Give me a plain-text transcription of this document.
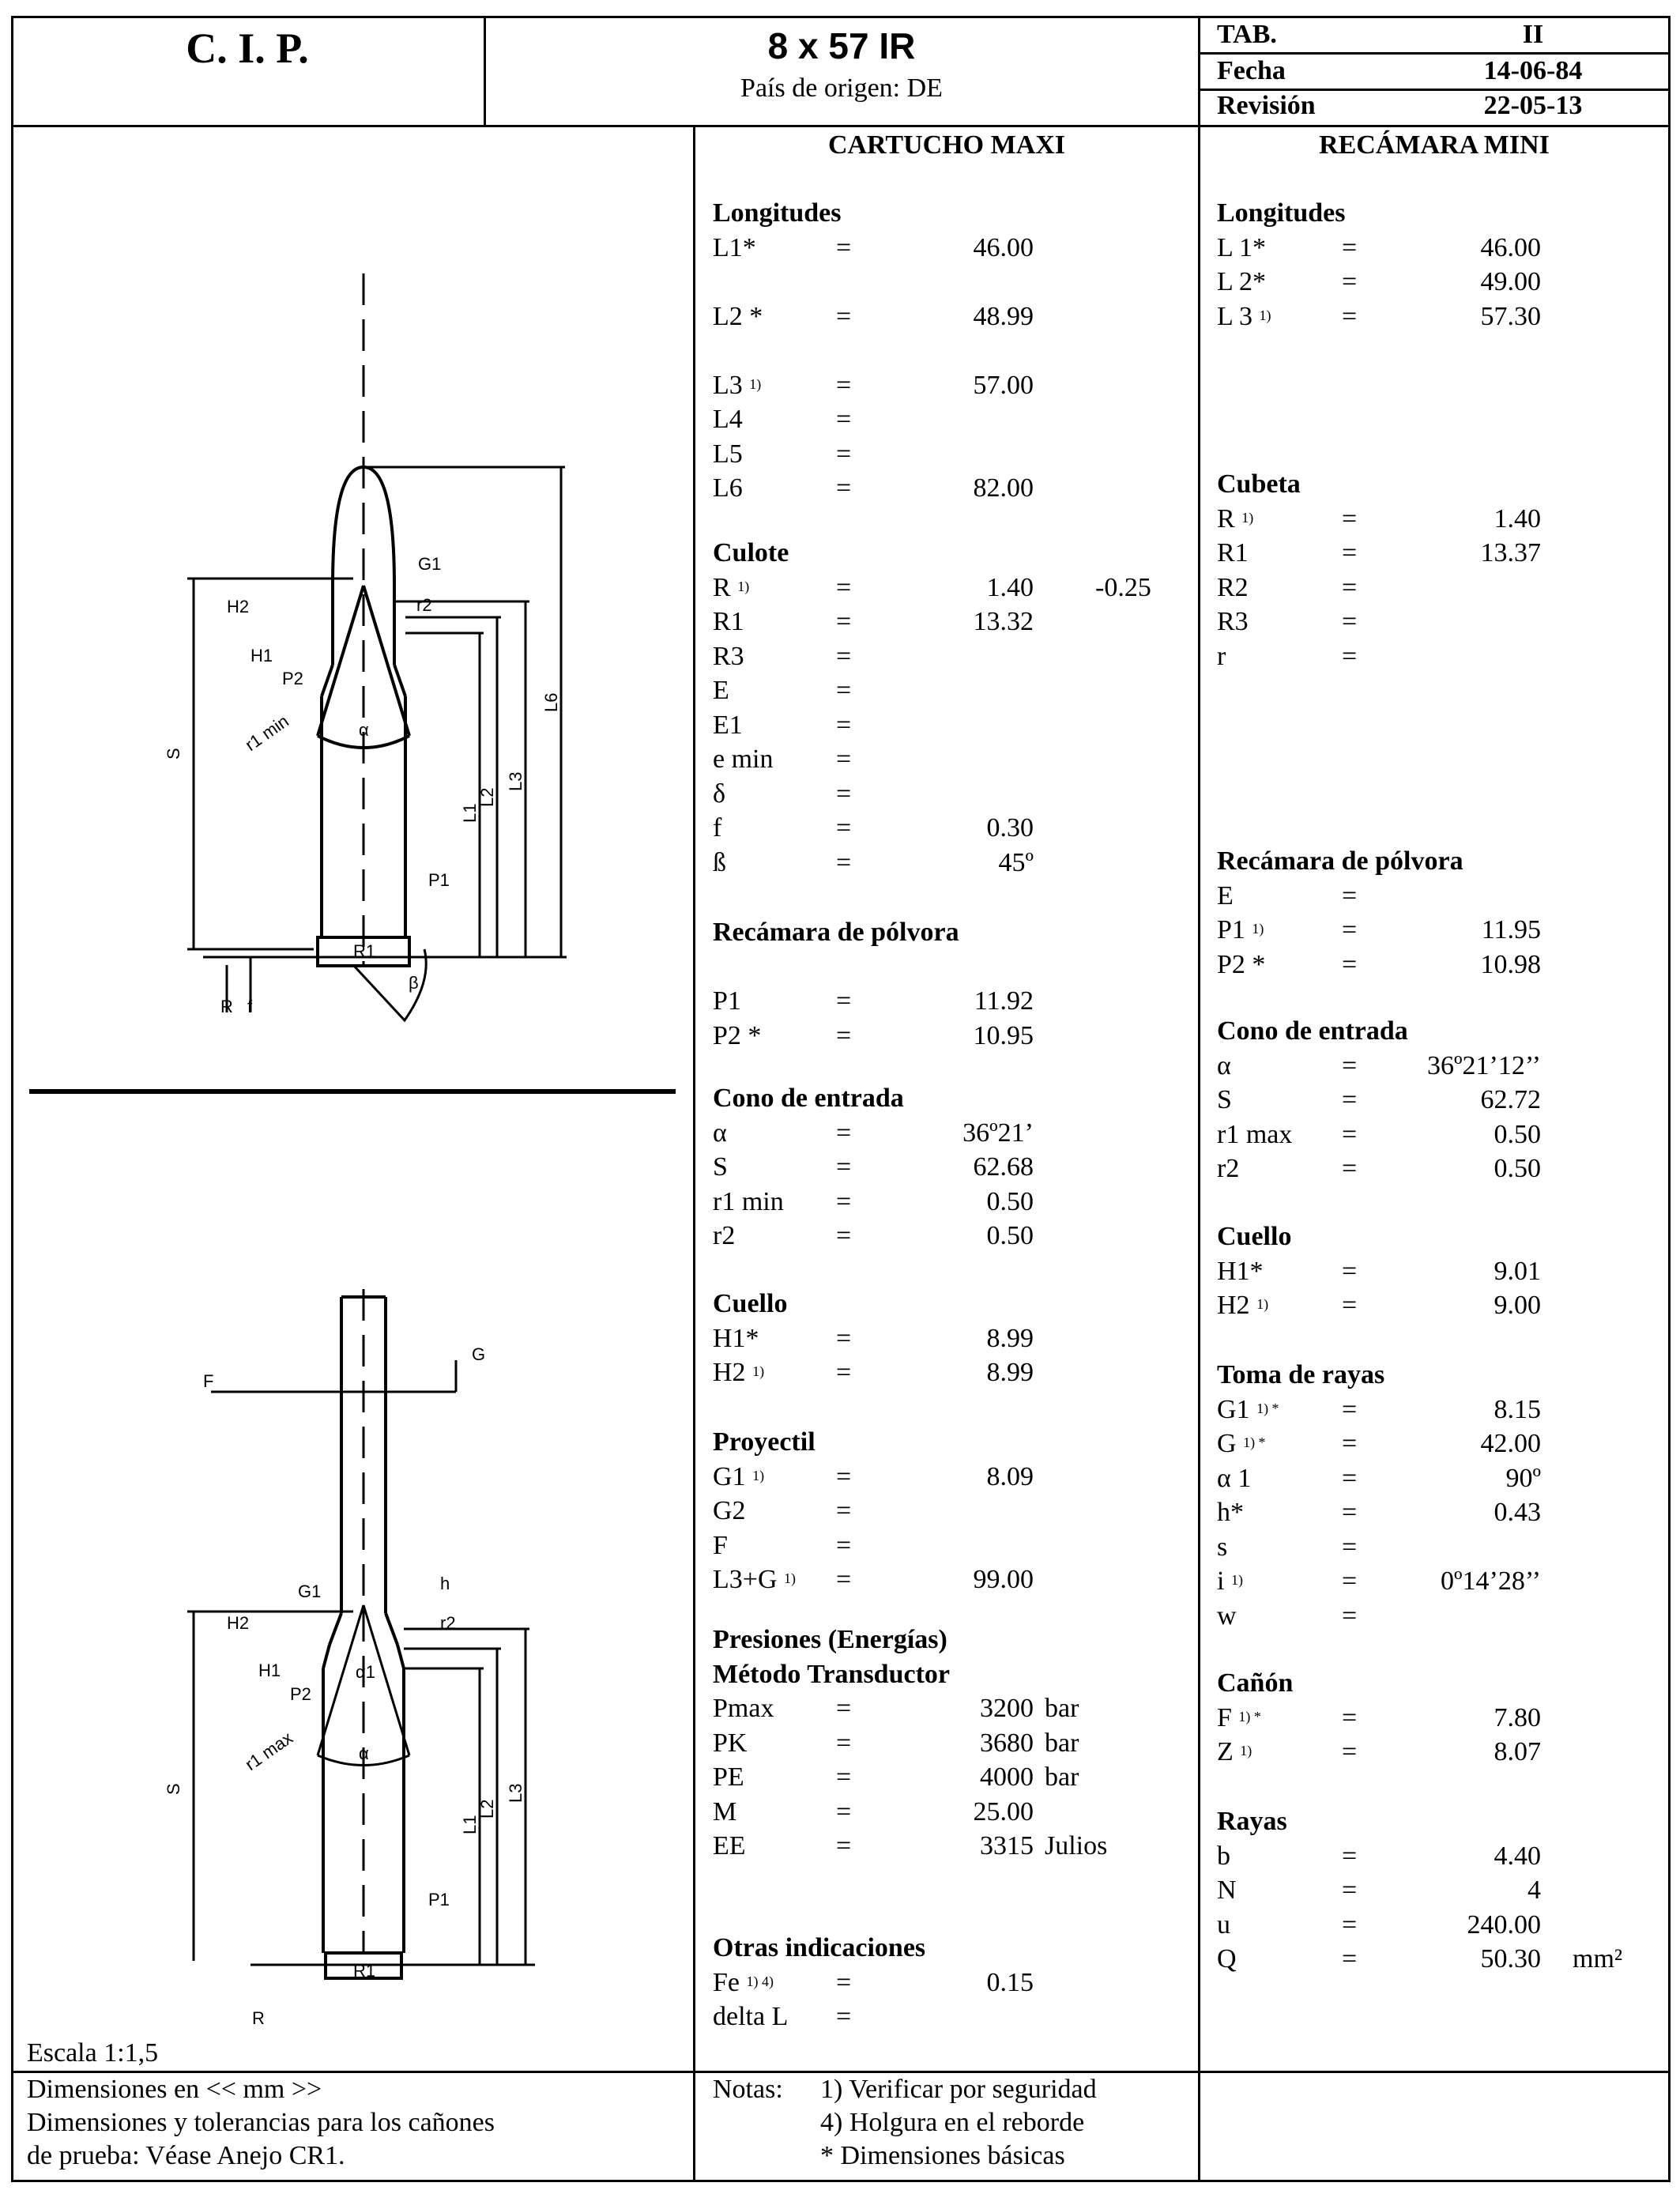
C. I. P.	8 x 57 IR
País de origen: DE
TAB.	II
Fecha	14-06-84
Revisión	22-05-13
CARTUCHO MAXI	RECÁMARA MINI
Longitudes
L1*	=	46.00
L2 *	=	48.99
L3 $^{1)}$	=	57.00
L4	=
L5	=
L6	=	82.00
Culote
R $^{1)}$	=	1.40 -0.25
R1	=	13.32
R3	=
E	=
E1	=
e min =
δ	=
f	=	0.30
ß	=	45º
Recámara de pólvora
P1	=	11.92
P2 *	=	10.95
Cono de entrada
α	=	36º21’
S	=	62.68
r1 min =	0.50
r2	=	0.50
Cuello
H1*	=	8.99
H2 $^{1)}$	=	8.99
Proyectil
G1 $^{1)}$	=	8.09
G2	=
F	=
L3+G $^{1)}$ =	99.00
Presiones (Energías)
Método Transductor
Pmax =	3200 bar
PK	=	3680 bar
PE	=	4000 bar
M	=	25.00
EE	=	3315 Julios
Otras indicaciones
Fe $^{1) 4)}$ =	0.15
delta L =
Longitudes
L 1*	=	46.00
L 2*	=	49.00
L 3 $^{1)}$	=	57.30
Cubeta
R $^{1)}$	=	1.40
R1	=	13.37
R2	=
R3	=
r	=
Recámara de pólvora
E	=
P1 $^{1)}$	=	11.95
P2 *	=	10.98
Cono de entrada
α	=	36º21’12’’
S	=	62.72
r1 max =	0.50
r2	=	0.50
Cuello
H1*	=	9.01
H2 $^{1)}$	=	9.00
Toma de rayas
G1 $^{1) *}$ =	8.15
G $^{1) *}$	=	42.00
α 1	=	90º
h*	=	0.43
s	=
i $^{1)}$	=	0º14’28’’
w	=
Cañón
F $^{1) *}$	=	7.80
Z $^{1)}$	=	8.07
Rayas
b	=	4.40
N	=	4
u	=	240.00
Q	=	50.30 mm²
H2
G1
r2
H1
P2
r1 min	α
S
L1
L2
L3
L6
P1
R1
β
R f
G
F
G1	h
H2	r2
H1
P2
α1
r1 max	α
S
L1
L2
L3
P1
R1
R
Escala 1:1,5
Dimensiones en << mm >>
Dimensiones y tolerancias para los cañones
de prueba: Véase Anejo CR1.
Notas: 1) Verificar por seguridad
4) Holgura en el reborde
* Dimensiones básicas
